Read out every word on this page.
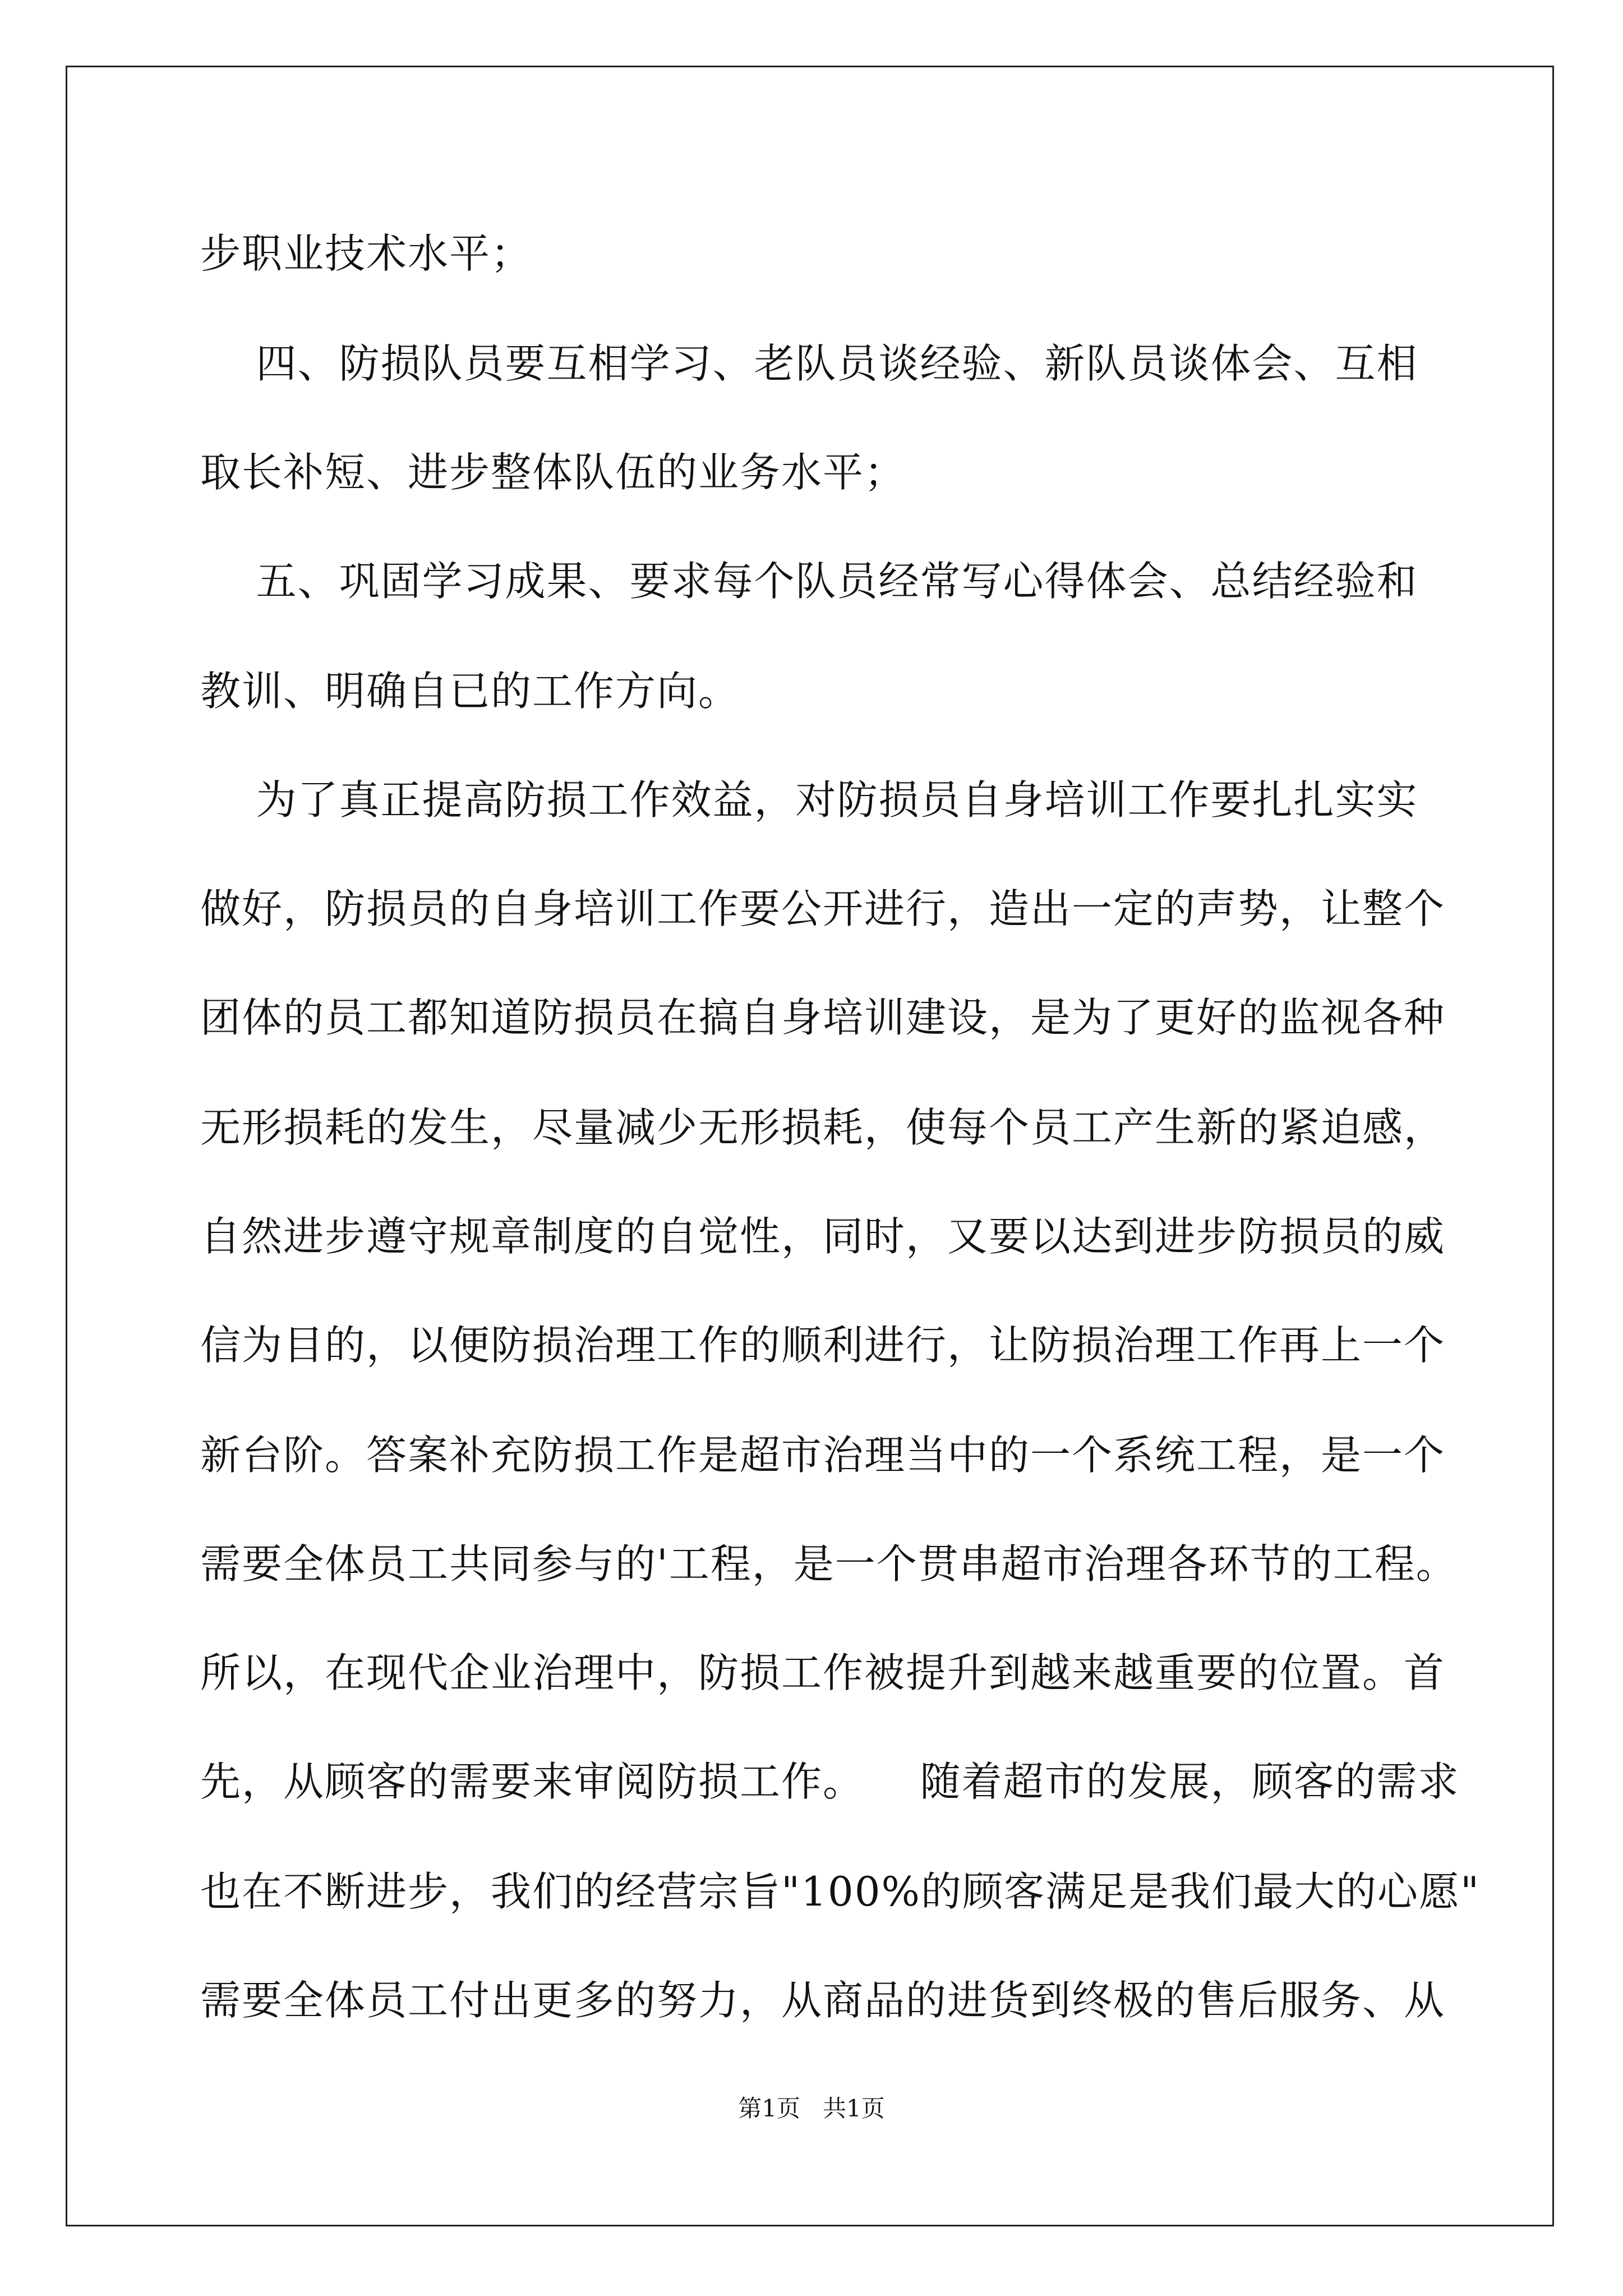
步职业技术水平；
四、防损队员要互相学习、老队员谈经验、新队员谈体会、互相
取长补短、进步整体队伍的业务水平；
五、巩固学习成果、要求每个队员经常写心得体会、总结经验和
教训、明确自已的工作方向。
为了真正提高防损工作效益，对防损员自身培训工作要扎扎实实
做好，防损员的自身培训工作要公开进行，造出一定的声势，让整个
团体的员工都知道防损员在搞自身培训建设，是为了更好的监视各种
无形损耗的发生，尽量减少无形损耗，使每个员工产生新的紧迫感，
自然进步遵守规章制度的自觉性，同时，又要以达到进步防损员的威
信为目的，以便防损治理工作的顺利进行，让防损治理工作再上一个
新台阶。答案补充防损工作是超市治理当中的一个系统工程，是一个
需要全体员工共同参与的'工程，是一个贯串超市治理各环节的工程。
所以，在现代企业治理中，防损工作被提升到越来越重要的位置。首
先，从顾客的需要来审阅防损工作。    随着超市的发展，顾客的需求
也在不断进步，我们的经营宗旨"100%的顾客满足是我们最大的心愿"
需要全体员工付出更多的努力，从商品的进货到终极的售后服务、从
第1页   共1页
